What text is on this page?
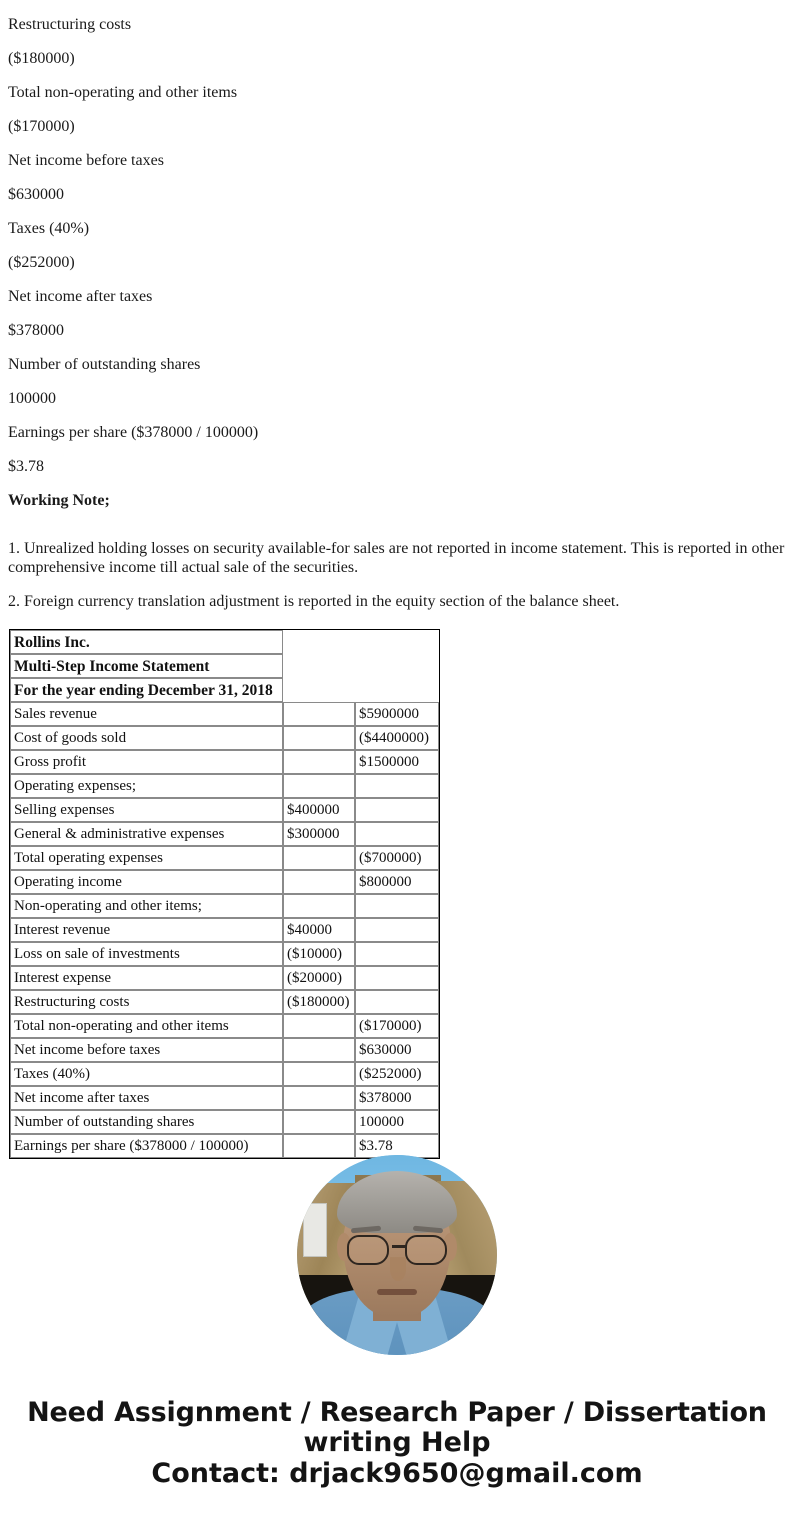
Restructuring costs

($180000)

Total non-operating and other items

($170000)

Net income before taxes

$630000

Taxes (40%)

($252000)

Net income after taxes

$378000

Number of outstanding shares

100000

Earnings per share ($378000 / 100000)

$3.78

Working Note;

1. Unrealized holding losses on security available-for sales are not reported in income statement. This is reported in other comprehensive income till actual sale of the securities.

2. Foreign currency translation adjustment is reported in the equity section of the balance sheet.

Rollins Inc.		
Multi-Step Income Statement		
For the year ending December 31, 2018		
Sales revenue		$5900000
Cost of goods sold		($4400000)
Gross profit		$1500000
Operating expenses;		
Selling expenses	$400000	
General & administrative expenses	$300000	
Total operating expenses		($700000)
Operating income		$800000
Non-operating and other items;		
Interest revenue	$40000	
Loss on sale of investments	($10000)	
Interest expense	($20000)	
Restructuring costs	($180000)	
Total non-operating and other items		($170000)
Net income before taxes		$630000
Taxes (40%)		($252000)
Net income after taxes		$378000
Number of outstanding shares		100000
Earnings per share ($378000 / 100000)		$3.78
Need Assignment / Research Paper / Dissertation
writing Help
Contact: drjack9650@gmail.com
